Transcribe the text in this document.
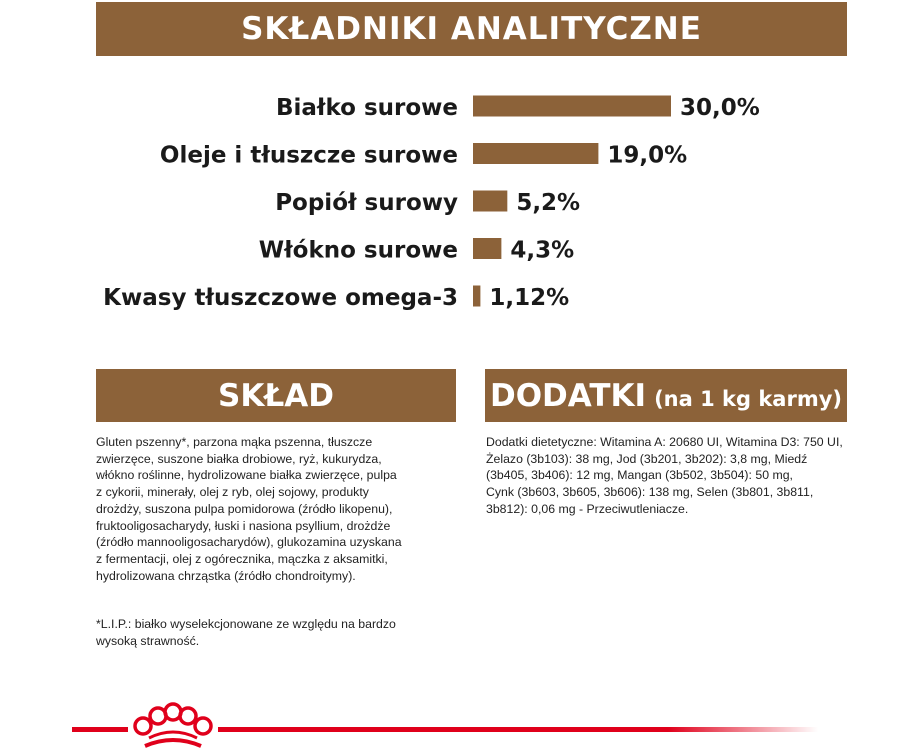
SKŁADNIKI ANALITYCZNE
Białko surowe	30,0%
Oleje i tłuszcze surowe	19,0%
Popiół surowy	5,2%
Włókno surowe 4,3%
Kwasy tłuszczowe omega-3 1,12%
SKŁAD	DODATKI (na 1 kg karmy)
Gluten pszenny*, parzona mąka pszenna, tłuszcze
zwierzęce, suszone białka drobiowe, ryż, kukurydza,
włókno roślinne, hydrolizowane białka zwierzęce, pulpa
z cykorii, minerały, olej z ryb, olej sojowy, produkty
drożdży, suszona pulpa pomidorowa (źródło likopenu),
fruktooligosacharydy, łuski i nasiona psyllium, drożdże
(źródło mannooligosacharydów), glukozamina uzyskana
z fermentacji, olej z ogórecznika, mączka z aksamitki,
hydrolizowana chrząstka (źródło chondroitymy).
*L.I.P.: białko wyselekcjonowane ze względu na bardzo
wysoką strawność.
Dodatki dietetyczne: Witamina A: 20680 UI, Witamina D3: 750 UI,
Żelazo (3b103): 38 mg, Jod (3b201, 3b202): 3,8 mg, Miedź
(3b405, 3b406): 12 mg, Mangan (3b502, 3b504): 50 mg,
Cynk (3b603, 3b605, 3b606): 138 mg, Selen (3b801, 3b811,
3b812): 0,06 mg - Przeciwutleniacze.
